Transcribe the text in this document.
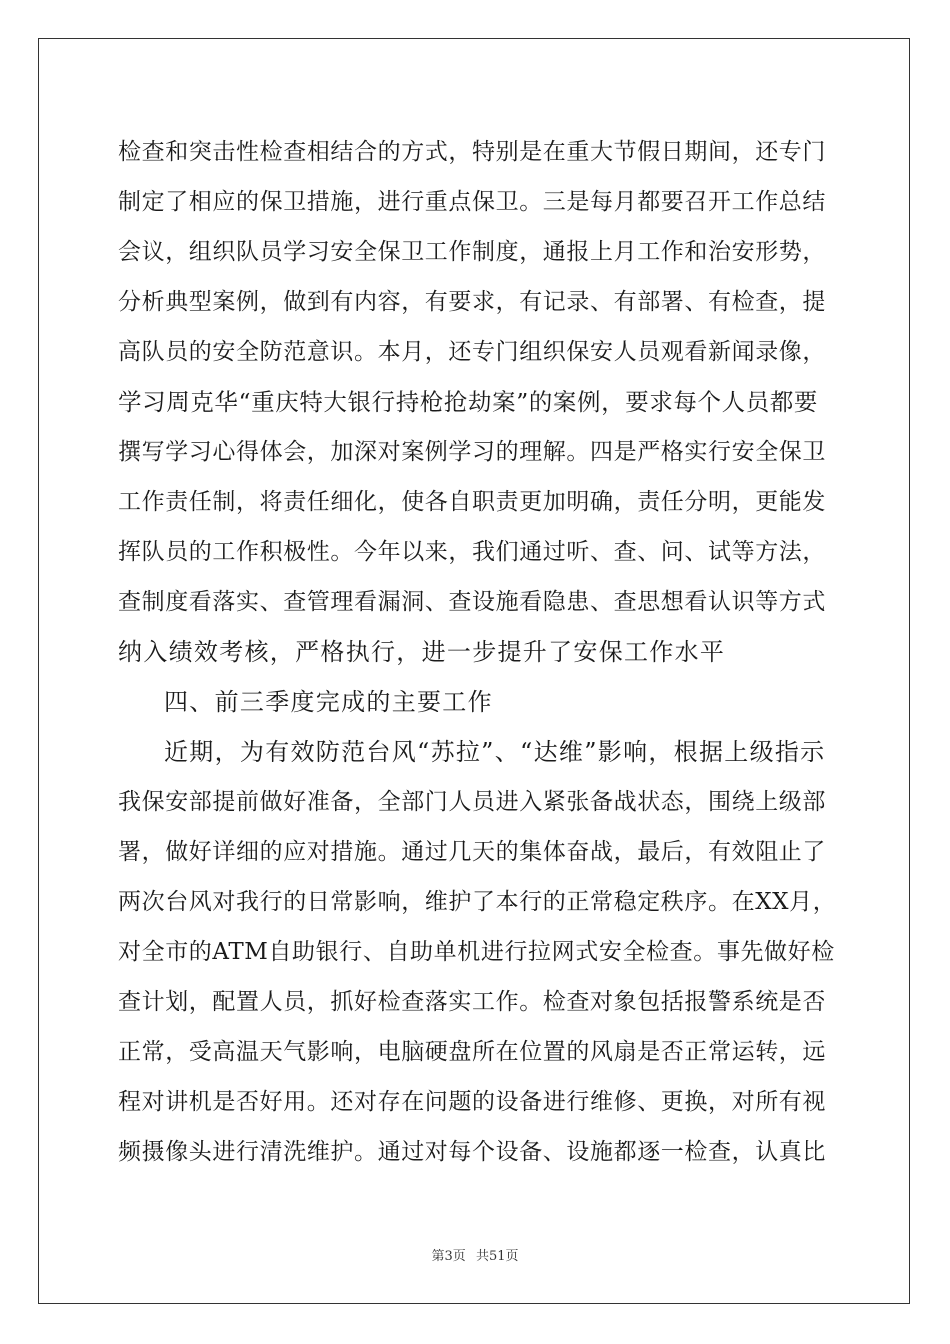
检查和突击性检查相结合的方式，特别是在重大节假日期间，还专门
制定了相应的保卫措施，进行重点保卫。三是每月都要召开工作总结
会议，组织队员学习安全保卫工作制度，通报上月工作和治安形势，
分析典型案例，做到有内容，有要求，有记录、有部署、有检查，提
高队员的安全防范意识。本月，还专门组织保安人员观看新闻录像，
学习周克华“重庆特大银行持枪抢劫案”的案例，要求每个人员都要
撰写学习心得体会，加深对案例学习的理解。四是严格实行安全保卫
工作责任制，将责任细化，使各自职责更加明确，责任分明，更能发
挥队员的工作积极性。今年以来，我们通过听、查、问、试等方法，
查制度看落实、查管理看漏洞、查设施看隐患、查思想看认识等方式
纳入绩效考核，严格执行，进一步提升了安保工作水平
四、前三季度完成的主要工作
近期，为有效防范台风“苏拉”、“达维”影响，根据上级指示
我保安部提前做好准备，全部门人员进入紧张备战状态，围绕上级部
署，做好详细的应对措施。通过几天的集体奋战，最后，有效阻止了
两次台风对我行的日常影响，维护了本行的正常稳定秩序。在XX月，
对全市的ATM自助银行、自助单机进行拉网式安全检查。事先做好检
查计划，配置人员，抓好检查落实工作。检查对象包括报警系统是否
正常，受高温天气影响，电脑硬盘所在位置的风扇是否正常运转，远
程对讲机是否好用。还对存在问题的设备进行维修、更换，对所有视
频摄像头进行清洗维护。通过对每个设备、设施都逐一检查，认真比
第3页 共51页
